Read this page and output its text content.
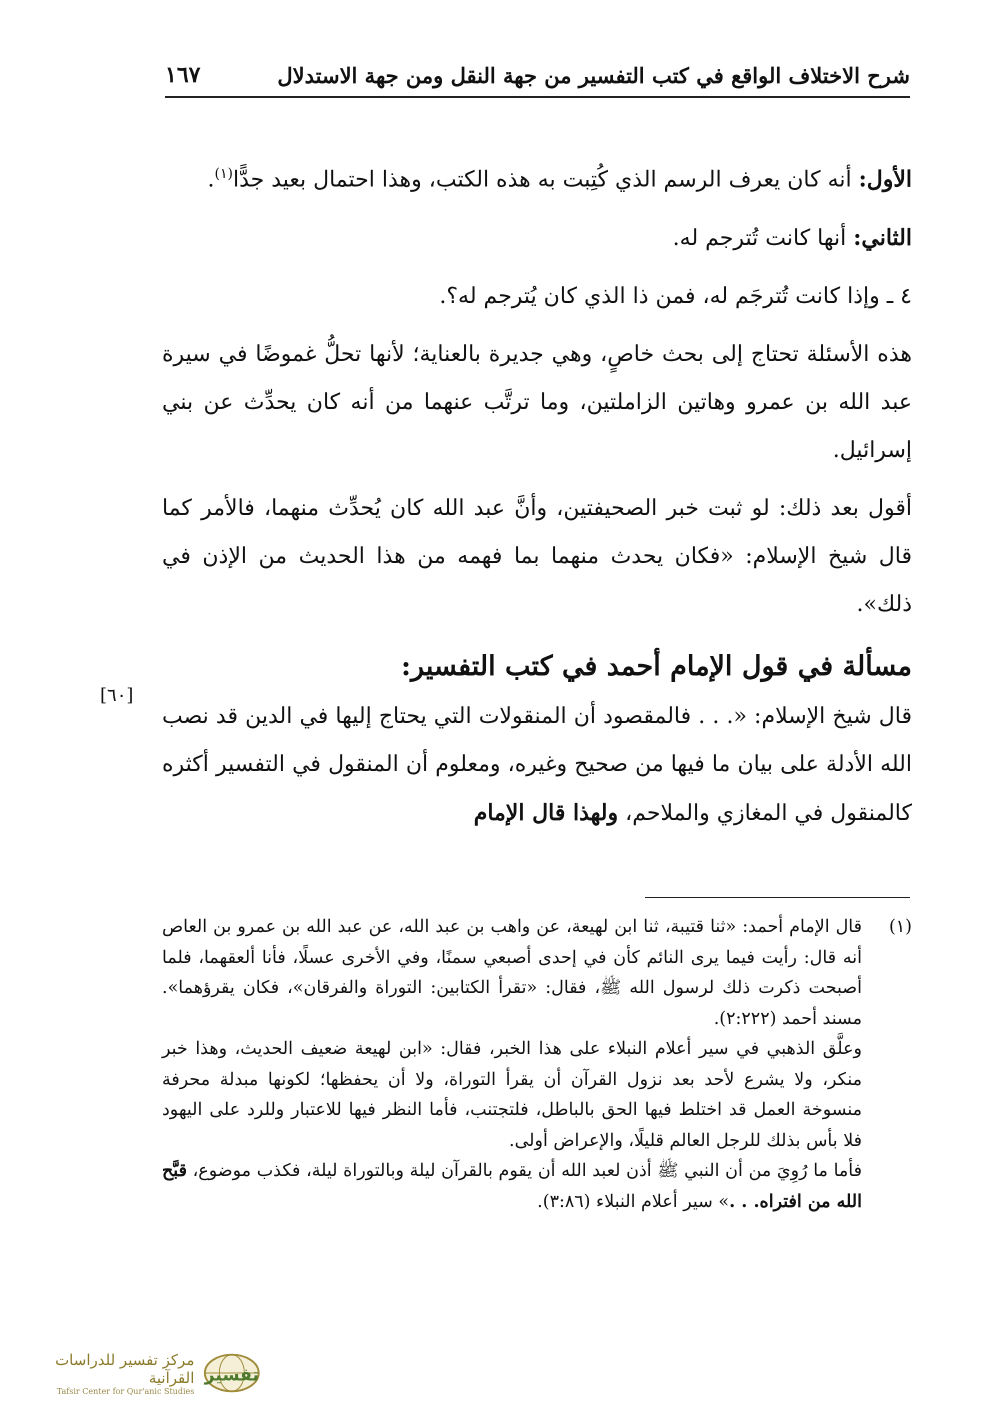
شرح الاختلاف الواقع في كتب التفسير من جهة النقل ومن جهة الاستدلال
١٦٧

الأول: أنه كان يعرف الرسم الذي كُتِبت به هذه الكتب، وهذا احتمال بعيد جدًّا$^{(١)}$.

الثاني: أنها كانت تُترجم له.

٤ ـ وإذا كانت تُترجَم له، فمن ذا الذي كان يُترجم له؟.

هذه الأسئلة تحتاج إلى بحث خاصٍ، وهي جديرة بالعناية؛ لأنها تحلُّ غموضًا في سيرة عبد الله بن عمرو وهاتين الزاملتين، وما ترتَّب عنهما من أنه كان يحدِّث عن بني إسرائيل.

أقول بعد ذلك: لو ثبت خبر الصحيفتين، وأنَّ عبد الله كان يُحدِّث منهما، فالأمر كما قال شيخ الإسلام: «فكان يحدث منهما بما فهمه من هذا الحديث من الإذن في ذلك».

مسألة في قول الإمام أحمد في كتب التفسير:

قال شيخ الإسلام: «. . . فالمقصود أن المنقولات التي يحتاج إليها في الدين قد نصب الله الأدلة على بيان ما فيها من صحيح وغيره، ومعلوم أن المنقول في التفسير أكثره كالمنقول في المغازي والملاحم، ولهذا قال الإمام

[٦٠]
(١)

قال الإمام أحمد: «ثنا قتيبة، ثنا ابن لهيعة، عن واهب بن عبد الله، عن عبد الله بن عمرو بن العاص أنه قال: رأيت فيما يرى النائم كأن في إحدى أصبعي سمنًا، وفي الأخرى عسلًا، فأنا ألعقهما، فلما أصبحت ذكرت ذلك لرسول الله ﷺ، فقال: «تقرأ الكتابين: التوراة والفرقان»، فكان يقرؤهما». مسند أحمد (٢:٢٢٢).

وعلَّق الذهبي في سير أعلام النبلاء على هذا الخبر، فقال: «ابن لهيعة ضعيف الحديث، وهذا خبر منكر، ولا يشرع لأحد بعد نزول القرآن أن يقرأ التوراة، ولا أن يحفظها؛ لكونها مبدلة محرفة منسوخة العمل قد اختلط فيها الحق بالباطل، فلتجتنب، فأما النظر فيها للاعتبار وللرد على اليهود فلا بأس بذلك للرجل العالم قليلًا، والإعراض أولى.

فأما ما رُوِيَ من أن النبي ﷺ أذن لعبد الله أن يقوم بالقرآن ليلة وبالتوراة ليلة، فكذب موضوع، قبَّح الله من افتراه. . .» سير أعلام النبلاء (٣:٨٦).

مركز تفسير للدراسات القرآنية
Tafsir Center for Qur'anic Studies
تفسير
